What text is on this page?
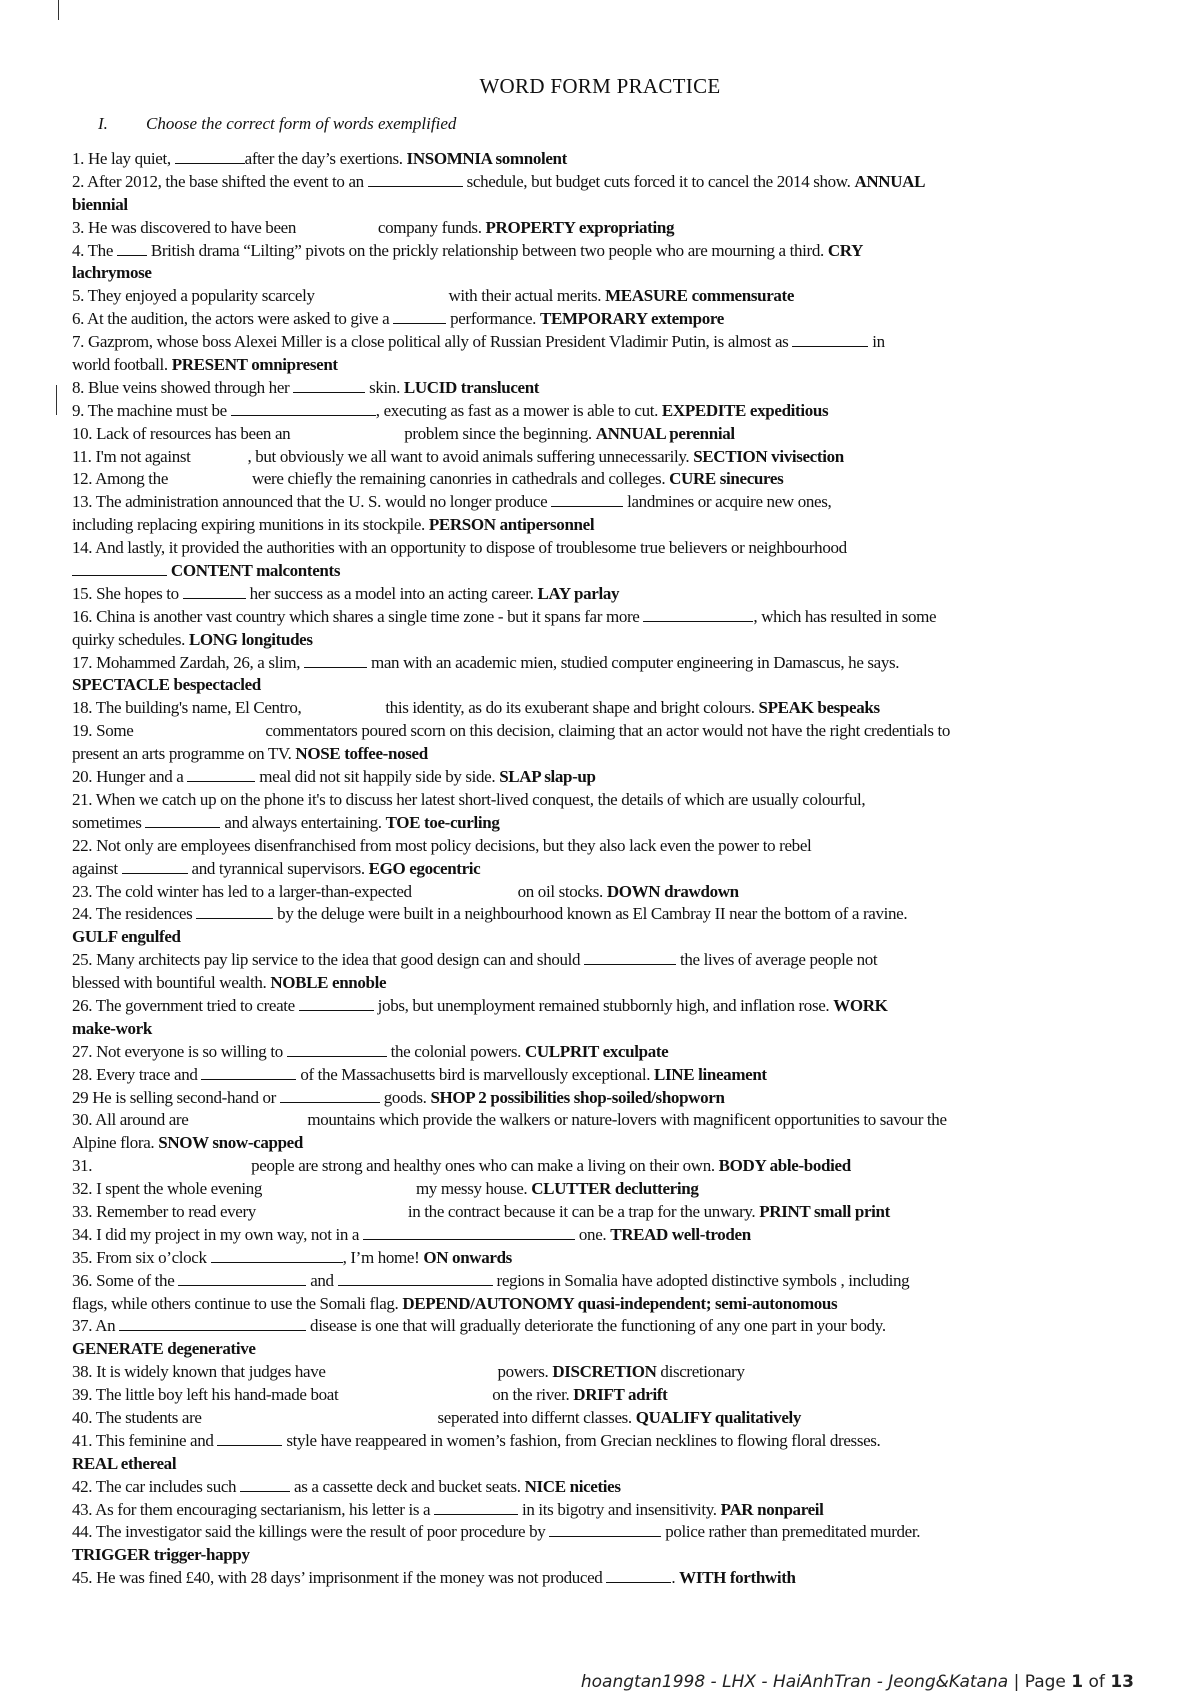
WORD FORM PRACTICE
I. Choose the correct form of words exemplified
1. He lay quiet,	after the day’s exertions. INSOMNIA somnolent
2. After 2012, the base shifted the event to an	schedule, but budget cuts forced it to cancel the 2014 show. ANNUAL
biennial
3. He was discovered to have been	company funds. PROPERTY expropriating
4. The  British drama “Lilting” pivots on the prickly relationship between two people who are mourning a third. CRY
lachrymose
5. They enjoyed a popularity scarcely	with their actual merits. MEASURE commensurate
6. At the audition, the actors were asked to give a	performance. TEMPORARY extempore
7. Gazprom, whose boss Alexei Miller is a close political ally of Russian President Vladimir Putin, is almost as	in
world football. PRESENT omnipresent
8. Blue veins showed through her	skin. LUCID translucent
9. The machine must be	, executing as fast as a mower is able to cut. EXPEDITE expeditious
10. Lack of resources has been an	problem since the beginning. ANNUAL perennial
11. I'm not against	, but obviously we all want to avoid animals suffering unnecessarily. SECTION vivisection
12. Among the	were chiefly the remaining canonries in cathedrals and colleges. CURE sinecures
13. The administration announced that the U. S. would no longer produce	landmines or acquire new ones,
including replacing expiring munitions in its stockpile. PERSON antipersonnel
14. And lastly, it provided the authorities with an opportunity to dispose of troublesome true believers or neighbourhood
CONTENT malcontents
15. She hopes to	her success as a model into an acting career. LAY parlay
16. China is another vast country which shares a single time zone - but it spans far more	, which has resulted in some
quirky schedules. LONG longitudes
17. Mohammed Zardah, 26, a slim,	man with an academic mien, studied computer engineering in Damascus, he says.
SPECTACLE bespectacled
18. The building's name, El Centro,	this identity, as do its exuberant shape and bright colours. SPEAK bespeaks
19. Some	commentators poured scorn on this decision, claiming that an actor would not have the right credentials to
present an arts programme on TV. NOSE toffee-nosed
20. Hunger and a	meal did not sit happily side by side. SLAP slap-up
21. When we catch up on the phone it's to discuss her latest short-lived conquest, the details of which are usually colourful,
sometimes	and always entertaining. TOE toe-curling
22. Not only are employees disenfranchised from most policy decisions, but they also lack even the power to rebel
against	and tyrannical supervisors. EGO egocentric
23. The cold winter has led to a larger-than-expected	on oil stocks. DOWN drawdown
24. The residences	by the deluge were built in a neighbourhood known as El Cambray II near the bottom of a ravine.
GULF engulfed
25. Many architects pay lip service to the idea that good design can and should	the lives of average people not
blessed with bountiful wealth. NOBLE ennoble
26. The government tried to create	jobs, but unemployment remained stubbornly high, and inflation rose. WORK
make-work
27. Not everyone is so willing to	the colonial powers. CULPRIT exculpate
28. Every trace and	of the Massachusetts bird is marvellously exceptional. LINE lineament
29 He is selling second-hand or	goods. SHOP 2 possibilities shop-soiled/shopworn
30. All around are	mountains which provide the walkers or nature-lovers with magnificent opportunities to savour the
Alpine flora. SNOW snow-capped
31.	people are strong and healthy ones who can make a living on their own. BODY able-bodied
32. I spent the whole evening	my messy house. CLUTTER decluttering
33. Remember to read every	in the contract because it can be a trap for the unwary. PRINT small print
34. I did my project in my own way, not in a	one. TREAD well-troden
35. From six o’clock	, I’m home! ON onwards
36. Some of the	and	regions in Somalia have adopted distinctive symbols , including
flags, while others continue to use the Somali flag. DEPEND/AUTONOMY quasi-independent; semi-autonomous
37. An	disease is one that will gradually deteriorate the functioning of any one part in your body.
GENERATE degenerative
38. It is widely known that judges have	powers. DISCRETION discretionary
39. The little boy left his hand-made boat	on the river. DRIFT adrift
40. The students are	seperated into differnt classes. QUALIFY qualitatively
41. This feminine and	style have reappeared in women’s fashion, from Grecian necklines to flowing floral dresses.
REAL ethereal
42. The car includes such	as a cassette deck and bucket seats. NICE niceties
43. As for them encouraging sectarianism, his letter is a	in its bigotry and insensitivity. PAR nonpareil
44. The investigator said the killings were the result of poor procedure by	police rather than premeditated murder.
TRIGGER trigger-happy
45. He was fined £40, with 28 days’ imprisonment if the money was not produced	. WITH forthwith
hoangtan1998 - LHX - HaiAnhTran - Jeong&Katana | Page 1 of 13
